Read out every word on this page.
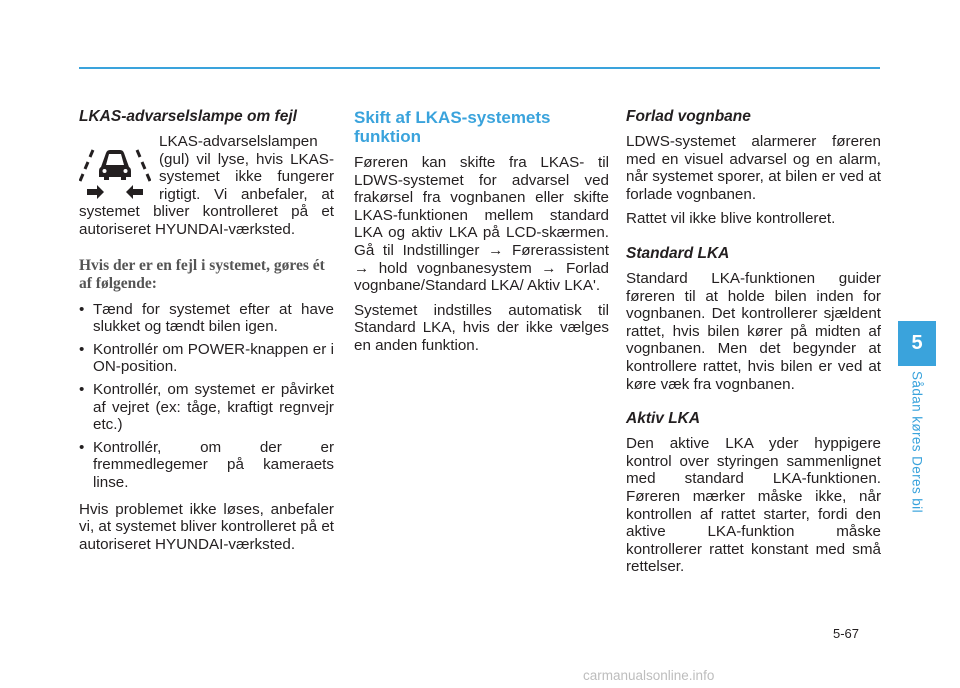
LKAS-advarselslampe om fejl

LKAS-advarselslampen (gul) vil lyse, hvis LKAS-systemet ikke fungerer rigtigt. Vi anbefaler, at systemet bliver kontrolleret på et autoriseret HYUNDAI-værksted.

Hvis der er en fejl i systemet, gøres ét af følgende:
• Tænd for systemet efter at have slukket og tændt bilen igen.
• Kontrollér om POWER-knappen er i ON-position.
• Kontrollér, om systemet er påvirket af vejret (ex: tåge, kraftigt regnvejr etc.)
• Kontrollér, om der er fremmedlegemer på kameraets linse.

Hvis problemet ikke løses, anbefaler vi, at systemet bliver kontrolleret på et autoriseret HYUNDAI-værksted.

Skift af LKAS-systemets funktion

Føreren kan skifte fra LKAS- til LDWS-systemet for advarsel ved frakørsel fra vognbanen eller skifte LKAS-funktionen mellem standard LKA og aktiv LKA på LCD-skærmen. Gå til Indstillinger → Førerassistent → hold vognbanesystem → Forlad vognbane/Standard LKA/ Aktiv LKA'.

Systemet indstilles automatisk til Standard LKA, hvis der ikke vælges en anden funktion.

Forlad vognbane

LDWS-systemet alarmerer føreren med en visuel advarsel og en alarm, når systemet sporer, at bilen er ved at forlade vognbanen.

Rattet vil ikke blive kontrolleret.

Standard LKA

Standard LKA-funktionen guider føreren til at holde bilen inden for vognbanen. Det kontrollerer sjældent rattet, hvis bilen kører på midten af vognbanen. Men det begynder at kontrollere rattet, hvis bilen er ved at køre væk fra vognbanen.

Aktiv LKA

Den aktive LKA yder hyppigere kontrol over styringen sammenlignet med standard LKA-funktionen. Føreren mærker måske ikke, når kontrollen af rattet starter, fordi den aktive LKA-funktion måske kontrollerer rattet konstant med små rettelser.

5
Sådan køres Deres bil
5-67
carmanualsonline.info
